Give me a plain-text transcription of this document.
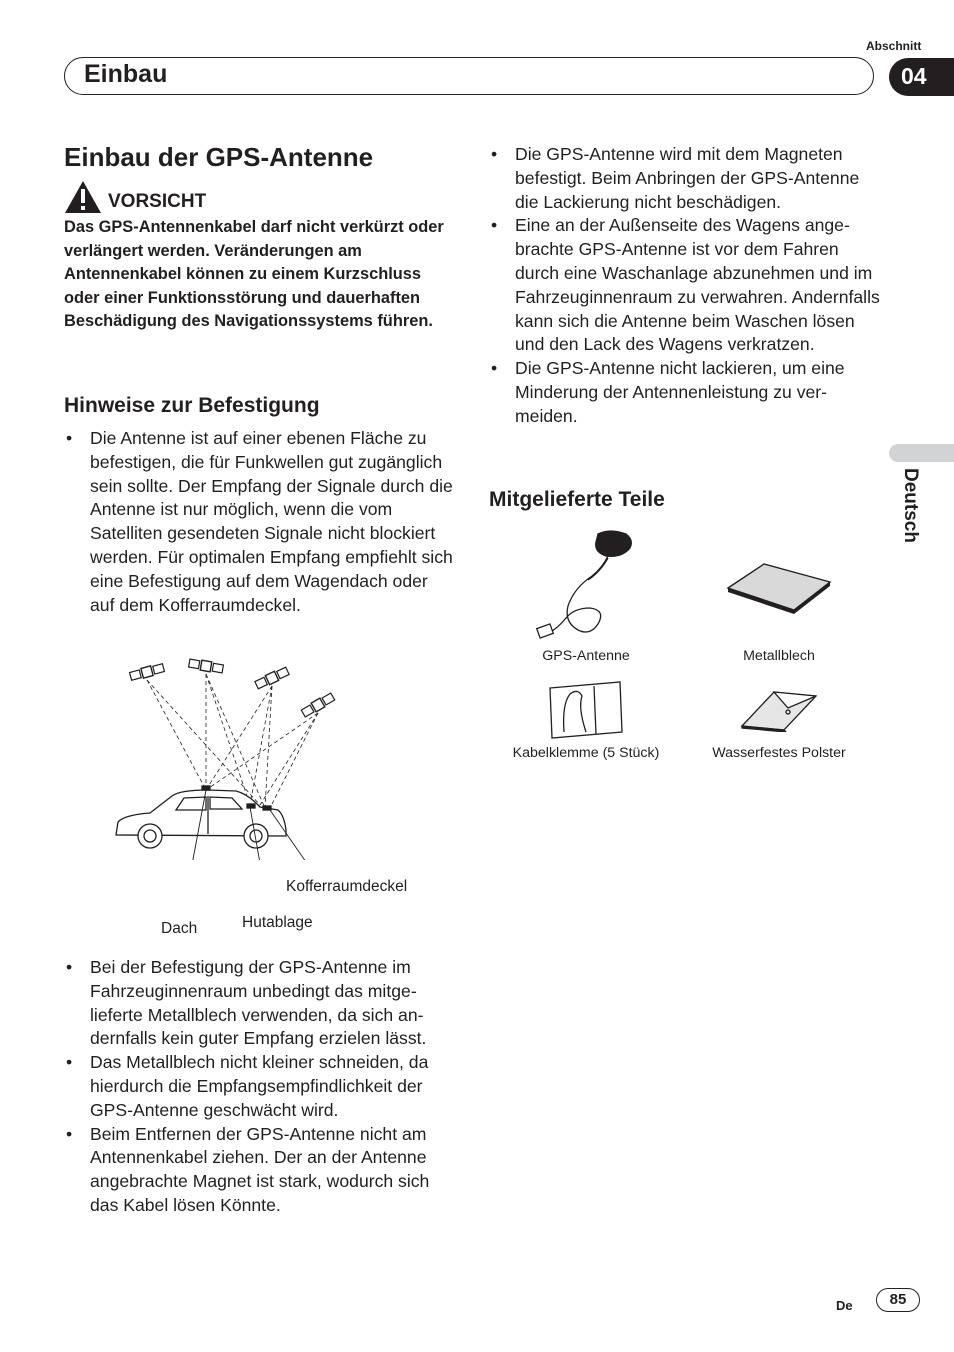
Abschnitt
Einbau	04
Einbau der GPS-Antenne
VORSICHT
Das GPS-Antennenkabel darf nicht verkürzt oder verlängert werden. Veränderungen am Antennenkabel können zu einem Kurzschluss oder einer Funktionsstörung und dauerhaften Beschädigung des Navigationssystems führen.
Hinweise zur Befestigung
• Die Antenne ist auf einer ebenen Fläche zu befestigen, die für Funkwellen gut zugänglich sein sollte. Der Empfang der Signale durch die Antenne ist nur möglich, wenn die vom Satelliten gesendeten Signale nicht blockiert werden. Für optimalen Empfang empfiehlt sich eine Befestigung auf dem Wagendach oder auf dem Kofferraumdeckel.
Kofferraumdeckel
Dach	Hutablage
• Bei der Befestigung der GPS-Antenne im Fahrzeuginnenraum unbedingt das mitgelieferte Metallblech verwenden, da sich andernfalls kein guter Empfang erzielen lässt.
• Das Metallblech nicht kleiner schneiden, da hierdurch die Empfangsempfindlichkeit der GPS-Antenne geschwächt wird.
• Beim Entfernen der GPS-Antenne nicht am Antennenkabel ziehen. Der an der Antenne angebrachte Magnet ist stark, wodurch sich das Kabel lösen Könnte.
• Die GPS-Antenne wird mit dem Magneten befestigt. Beim Anbringen der GPS-Antenne die Lackierung nicht beschädigen.
• Eine an der Außenseite des Wagens angebrachte GPS-Antenne ist vor dem Fahren durch eine Waschanlage abzunehmen und im Fahrzeuginnenraum zu verwahren. Andernfalls kann sich die Antenne beim Waschen lösen und den Lack des Wagens verkratzen.
• Die GPS-Antenne nicht lackieren, um eine Minderung der Antennenleistung zu vermeiden.
Mitgelieferte Teile
GPS-Antenne	Metallblech
Kabelklemme (5 Stück)	Wasserfestes Polster
Deutsch
De	85
